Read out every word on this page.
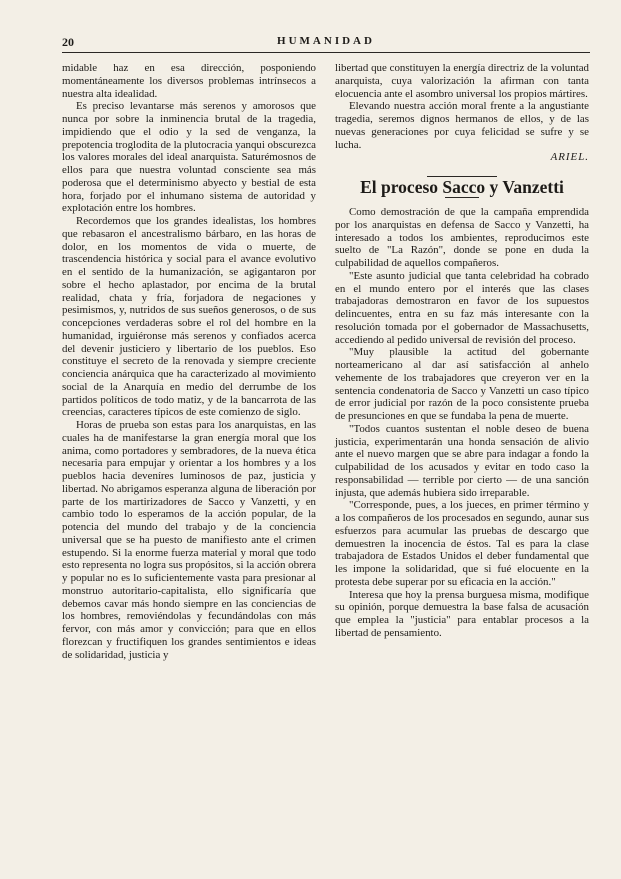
20	HUMANIDAD

midable haz en esa dirección, posponiendo momentáneamente los diversos problemas intrínsecos a nuestra alta idealidad.

Es preciso levantarse más serenos y amorosos que nunca por sobre la inminencia brutal de la tragedia, impidiendo que el odio y la sed de venganza, la prepotencia troglodita de la plutocracia yanqui obscurezca los valores morales del ideal anarquista. Saturémosnos de ellos para que nuestra voluntad consciente sea más poderosa que el determinismo abyecto y bestial de esta hora, forjado por el inhumano sistema de autoridad y explotación entre los hombres.

Recordemos que los grandes idealistas, los hombres que rebasaron el ancestralismo bárbaro, en las horas de dolor, en los momentos de vida o muerte, de trascendencia histórica y social para el avance evolutivo en el sentido de la humanización, se agigantaron por sobre el hecho aplastador, por encima de la brutal realidad, chata y fría, forjadora de negaciones y pesimismos, y, nutridos de sus sueños generosos, o de sus concepciones verdaderas sobre el rol del hombre en la humanidad, irguiéronse más serenos y confiados acerca del devenir justiciero y libertario de los pueblos. Eso constituye el secreto de la renovada y siempre creciente conciencia anárquica que ha caracterizado al movimiento social de la Anarquía en medio del derrumbe de los partidos políticos de todo matiz, y de la bancarrota de las creencias, caracteres típicos de este comienzo de siglo.

Horas de prueba son estas para los anarquistas, en las cuales ha de manifestarse la gran energía moral que los anima, como portadores y sembradores, de la nueva ética necesaria para empujar y orientar a los hombres y a los pueblos hacia deveníres luminosos de paz, justicia y libertad. No abrigamos esperanza alguna de liberación por parte de los martirizadores de Sacco y Vanzetti, y en cambio todo lo esperamos de la acción popular, de la potencia del mundo del trabajo y de la conciencia universal que se ha puesto de manifiesto ante el crimen estupendo. Si la enorme fuerza material y moral que todo esto representa no logra sus propósitos, si la acción obrera y popular no es lo suficientemente vasta para presionar al monstruo autoritario-capitalista, ello significaría que debemos cavar más hondo siempre en las conciencias de los hombres, removiéndolas y fecundándolas con más fervor, con más amor y convicción; para que en ellos florezcan y fructifiquen los grandes sentimientos e ideas de solidaridad, justicia y

libertad que constituyen la energía directriz de la voluntad anarquista, cuya valorización la afirman con tanta elocuencia ante el asombro universal los propios mártires.

Elevando nuestra acción moral frente a la angustiante tragedia, seremos dignos hermanos de ellos, y de las nuevas generaciones por cuya felicidad se sufre y se lucha.

ARIEL.

El proceso Sacco y Vanzetti

Como demostración de que la campaña emprendida por los anarquistas en defensa de Sacco y Vanzetti, ha interesado a todos los ambientes, reproducimos este suelto de "La Razón", donde se pone en duda la culpabilidad de aquellos compañeros.

"Este asunto judicial que tanta celebridad ha cobrado en el mundo entero por el interés que las clases trabajadoras demostraron en favor de los supuestos delincuentes, entra en su faz más interesante con la resolución tomada por el gobernador de Massachusetts, accediendo al pedido universal de revisión del proceso.

"Muy plausible la actitud del gobernante norteamericano al dar así satisfacción al anhelo vehemente de los trabajadores que creyeron ver en la sentencia condenatoria de Sacco y Vanzetti un caso típico de error judicial por razón de la poco consistente prueba de presunciones en que se fundaba la pena de muerte.

"Todos cuantos sustentan el noble deseo de buena justicia, experimentarán una honda sensación de alivio ante el nuevo margen que se abre para indagar a fondo la culpabilidad de los acusados y evitar en todo caso la responsabilidad — terrible por cierto — de una sanción injusta, que además hubiera sido irreparable.

"Corresponde, pues, a los jueces, en primer término y a los compañeros de los procesados en segundo, aunar sus esfuerzos para acumular las pruebas de descargo que demuestren la inocencia de éstos. Tal es para la clase trabajadora de Estados Unidos el deber fundamental que les impone la solidaridad, que si fué elocuente en la protesta debe superar por su eficacia en la acción."

Interesa que hoy la prensa burguesa misma, modifique su opinión, porque demuestra la base falsa de acusación que emplea la "justicia" para entablar procesos a la libertad de pensamiento.
